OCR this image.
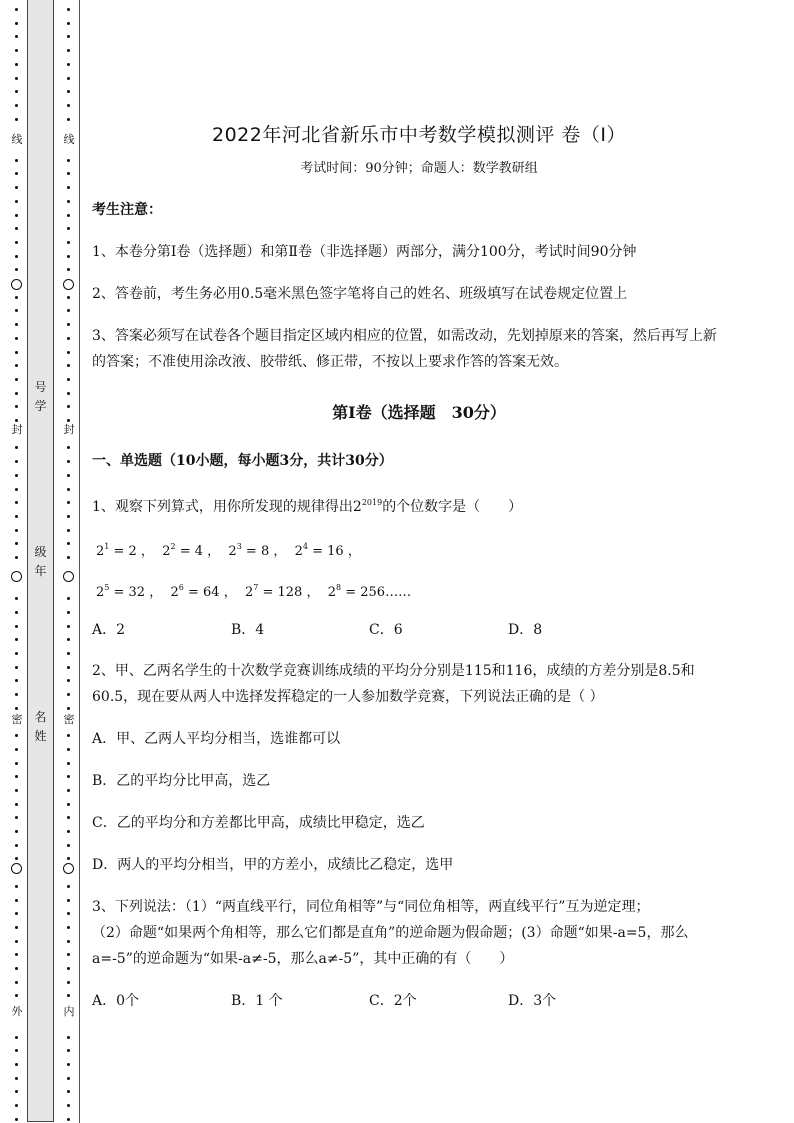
线
封
密
外
号学
级年
名姓
线
封
密
内
2022年河北省新乐市中考数学模拟测评 卷（Ⅰ）
考试时间：90分钟；命题人：数学教研组
考生注意：
1、本卷分第I卷（选择题）和第Ⅱ卷（非选择题）两部分，满分100分，考试时间90分钟
2、答卷前，考生务必用0.5毫米黑色签字笔将自己的姓名、班级填写在试卷规定位置上
3、答案必须写在试卷各个题目指定区域内相应的位置，如需改动，先划掉原来的答案，然后再写上新
的答案；不准使用涂改液、胶带纸、修正带，不按以上要求作答的答案无效。
第Ⅰ卷（选择题　30分）
一、单选题（10小题，每小题3分，共计30分）
1、观察下列算式，用你所发现的规律得出$2^{2019}$的个位数字是（　　）
$2^1 = 2$ ， $2^2 = 4$ ， $2^3 = 8$ ， $2^4 = 16$ ，
$2^5 = 32$ ， $2^6 = 64$ ， $2^7 = 128$ ， $2^8$ = 256……
A．2	B．4	C．6	D．8
2、甲、乙两名学生的十次数学竞赛训练成绩的平均分分别是115和116，成绩的方差分别是8.5和
60.5，现在要从两人中选择发挥稳定的一人参加数学竞赛，下列说法正确的是（ ）
A．甲、乙两人平均分相当，选谁都可以
B．乙的平均分比甲高，选乙
C．乙的平均分和方差都比甲高，成绩比甲稳定，选乙
D．两人的平均分相当，甲的方差小，成绩比乙稳定，选甲
3、下列说法：（1）“两直线平行，同位角相等”与“同位角相等，两直线平行”互为逆定理；
（2）命题“如果两个角相等，那么它们都是直角”的逆命题为假命题；(3）命题“如果-a=5，那么
a=-5”的逆命题为“如果-a≠-5，那么a≠-5”，其中正确的有（　　）
A．0个	B．1 个	C．2个	D．3个
